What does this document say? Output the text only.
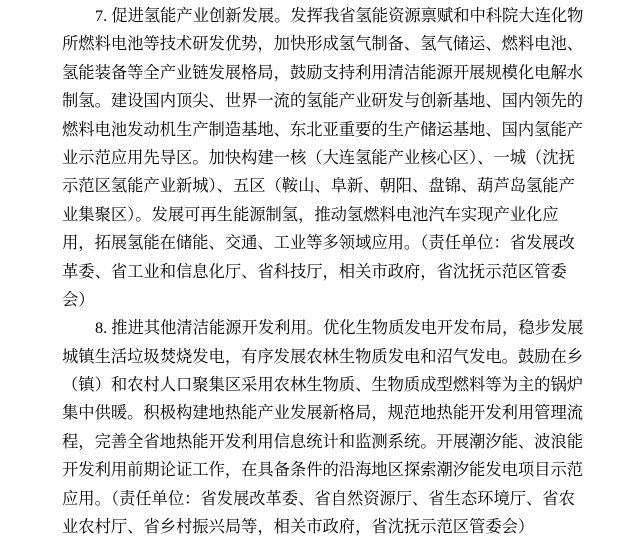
7. 促进氢能产业创新发展。发挥我省氢能资源禀赋和中科院大连化物
所燃料电池等技术研发优势，加快形成氢气制备、氢气储运、燃料电池、
氢能装备等全产业链发展格局，鼓励支持利用清洁能源开展规模化电解水
制氢。建设国内顶尖、世界一流的氢能产业研发与创新基地、国内领先的
燃料电池发动机生产制造基地、东北亚重要的生产储运基地、国内氢能产
业示范应用先导区。加快构建一核（大连氢能产业核心区）、一城（沈抚
示范区氢能产业新城）、五区（鞍山、阜新、朝阳、盘锦、葫芦岛氢能产
业集聚区）。发展可再生能源制氢，推动氢燃料电池汽车实现产业化应
用，拓展氢能在储能、交通、工业等多领域应用。（责任单位：省发展改
革委、省工业和信息化厅、省科技厅，相关市政府，省沈抚示范区管委
会）
8. 推进其他清洁能源开发利用。优化生物质发电开发布局，稳步发展
城镇生活垃圾焚烧发电，有序发展农林生物质发电和沼气发电。鼓励在乡
（镇）和农村人口聚集区采用农林生物质、生物质成型燃料等为主的锅炉
集中供暖。积极构建地热能产业发展新格局，规范地热能开发利用管理流
程，完善全省地热能开发利用信息统计和监测系统。开展潮汐能、波浪能
开发利用前期论证工作，在具备条件的沿海地区探索潮汐能发电项目示范
应用。（责任单位：省发展改革委、省自然资源厅、省生态环境厅、省农
业农村厅、省乡村振兴局等，相关市政府，省沈抚示范区管委会）
